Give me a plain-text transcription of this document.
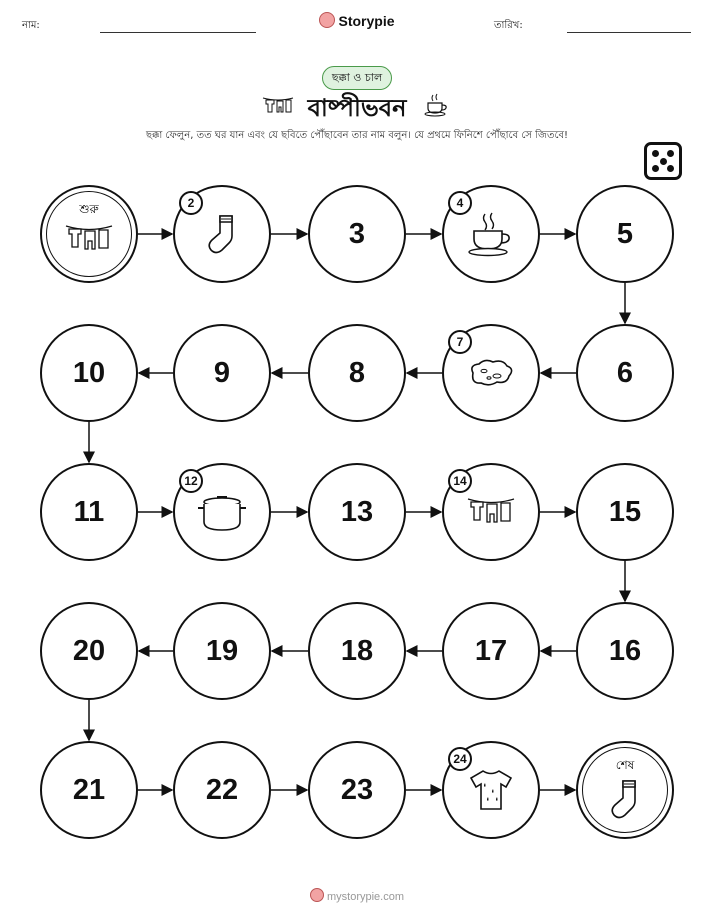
নাম:	Storypie	তারিখ:
ছক্কা ও চাল
বাষ্পীভবন
ছক্কা ফেলুন, তত ঘর যান এবং যে ছবিতে পৌঁছাবেন তার নাম বলুন। যে প্রথমে ফিনিশে পৌঁছাবে সে জিতবে!
শেষ
23
22
21
16
17
18
19
20
15
13
11
6
8
9
10
5
3
শুরু	2	4
7
12	14
24
mystorypie.com
